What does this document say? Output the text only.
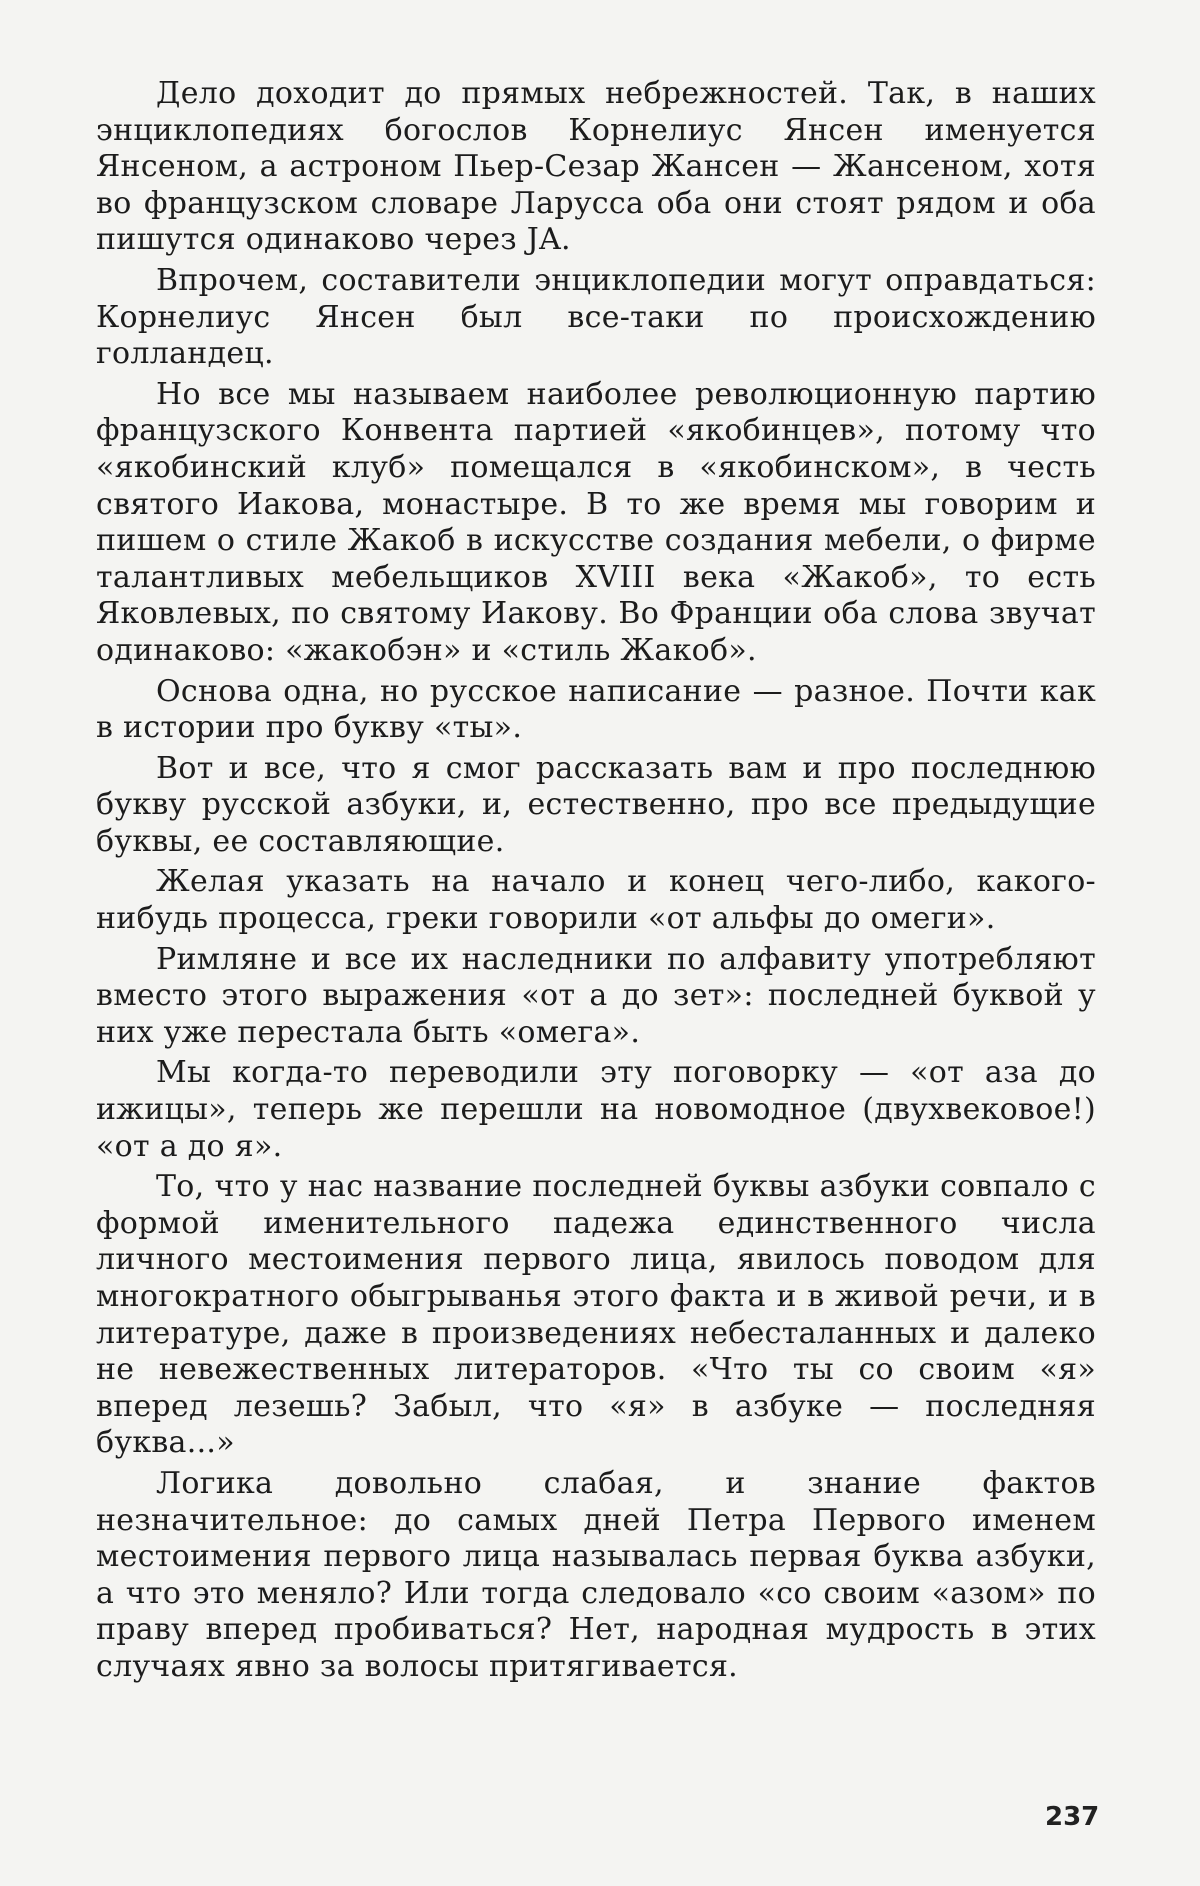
Дело доходит до прямых небрежностей. Так, в наших энциклопедиях богослов Корнелиус Янсен именуется Янсеном, а астроном Пьер-Сезар Жансен — Жансеном, хотя во французском словаре Ларусса оба они стоят рядом и оба пишутся одинаково через JA.

Впрочем, составители энциклопедии могут оправдаться: Корнелиус Янсен был все-таки по происхождению голландец.

Но все мы называем наиболее революционную партию французского Конвента партией «якобинцев», потому что «якобинский клуб» помещался в «якобинском», в честь святого Иакова, монастыре. В то же время мы говорим и пишем о стиле Жакоб в искусстве создания мебели, о фирме талантливых мебельщиков XVIII века «Жакоб», то есть Яковлевых, по святому Иакову. Во Франции оба слова звучат одинаково: «жакобэн» и «стиль Жакоб».

Основа одна, но русское написание — разное. Почти как в истории про букву «ты».

Вот и все, что я смог рассказать вам и про последнюю букву русской азбуки, и, естественно, про все предыдущие буквы, ее составляющие.

Желая указать на начало и конец чего-либо, какого-нибудь процесса, греки говорили «от альфы до омеги».

Римляне и все их наследники по алфавиту употребляют вместо этого выражения «от а до зет»: последней буквой у них уже перестала быть «омега».

Мы когда-то переводили эту поговорку — «от аза до ижицы», теперь же перешли на новомодное (двухвековое!) «от а до я».

То, что у нас название последней буквы азбуки совпало с формой именительного падежа единственного числа личного местоимения первого лица, явилось поводом для многократного обыгрыванья этого факта и в живой речи, и в литературе, даже в произведениях небесталанных и далеко не невежественных литераторов. «Что ты со своим «я» вперед лезешь? Забыл, что «я» в азбуке — последняя буква...»

Логика довольно слабая, и знание фактов незначительное: до самых дней Петра Первого именем местоимения первого лица называлась первая буква азбуки, а что это меняло? Или тогда следовало «со своим «азом» по праву вперед пробиваться? Нет, народная мудрость в этих случаях явно за волосы притягивается.

237
